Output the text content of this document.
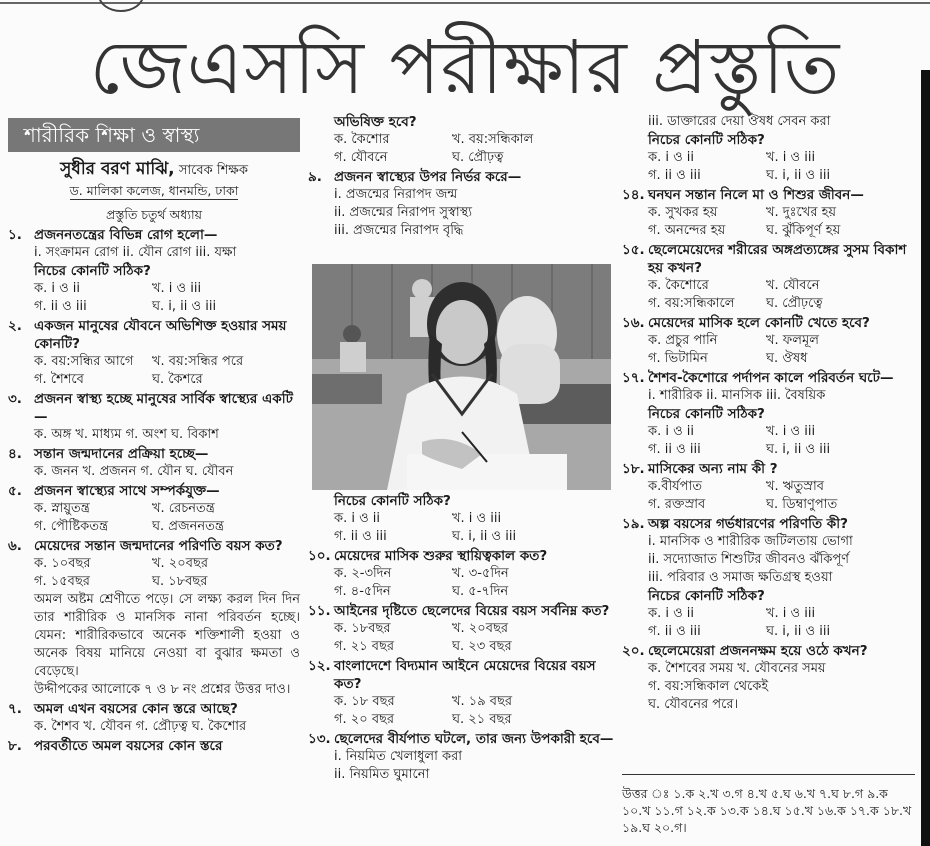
জেএসসি পরীক্ষার প্রস্তুতি
শারীরিক শিক্ষা ও স্বাস্থ্য
সুধীর বরণ মাঝি, সাবেক শিক্ষক
ড. মালিকা কলেজ, ধানমন্ডি, ঢাকা
প্রস্তুতি চতুর্থ অধ্যায়
১. প্রজননতন্ত্রের বিভিন্ন রোগ হলো—
i. সংক্রামন রোগ ii. যৌন রোগ iii. যক্ষা
নিচের কোনটি সঠিক?
ক. i ও ii	খ. i ও iii
গ. ii ও iii	ঘ. i, ii ও iii
২. একজন মানুষের যৌবনে অভিশিক্ত হওয়ার সময় কোনটি?
ক. বয়:সন্ধির আগে	খ. বয়:সন্ধির পরে
গ. শৈশবে	ঘ. কৈশরে
৩. প্রজনন স্বাস্থ্য হচ্ছে মানুষের সার্বিক স্বাস্থ্যের একটি—
ক. অঙ্গ খ. মাধ্যম গ. অংশ ঘ. বিকাশ
৪. সন্তান জন্মদানের প্রক্রিয়া হচ্ছে—
ক. জনন খ. প্রজনন গ. যৌন ঘ. যৌবন
৫. প্রজনন স্বাস্থ্যের সাথে সম্পর্কযুক্ত—
ক. স্নায়ুতন্ত্র	খ. রেচনতন্ত্র
গ. পৌষ্টিকতন্ত্র	ঘ. প্রজননতন্ত্র
৬. মেয়েদের সন্তান জন্মদানের পরিণতি বয়স কত?
ক. ১০বছর	খ. ২০বছর
গ. ১৫বছর	ঘ. ১৮বছর
অমল অষ্টম শ্রেণীতে পড়ে। সে লক্ষ্য করল দিন দিন তার শারীরিক ও মানসিক নানা পরিবর্তন হচ্ছে। যেমন: শারীরিকভাবে অনেক শক্তিশালী হওয়া ও অনেক বিষয় মানিয়ে নেওয়া বা বুঝার ক্ষমতা ও বেড়েছে।
উদ্দীপকের আলোকে ৭ ও ৮ নং প্রশ্নের উত্তর দাও।
৭. অমল এখন বয়সের কোন স্তরে আছে?
ক. শৈশব খ. যৌবন গ. প্রৌঢ়ত্ব ঘ. কৈশোর
৮. পরবর্তীতে অমল বয়সের কোন স্তরে
অভিষিক্ত হবে?
ক. কৈশোর	খ. বয়:সন্ধিকাল
গ. যৌবনে	ঘ. প্রৌঢ়ত্ব
৯. প্রজনন স্বাস্থ্যের উপর নির্ভর করে—
i. প্রজন্মের নিরাপদ জন্ম
ii. প্রজন্মের নিরাপদ সুস্বাস্থ্য
iii. প্রজন্মের নিরাপদ বৃদ্ধি
নিচের কোনটি সঠিক?
ক. i ও ii	খ. i ও iii
গ. ii ও iii	ঘ. i, ii ও iii
১০. মেয়েদের মাসিক শুরুর স্থায়িত্বকাল কত?
ক. ২-৩দিন	খ. ৩-৫দিন
গ. ৪-৫দিন	ঘ. ৫-৭দিন
১১. আইনের দৃষ্টিতে ছেলেদের বিয়ের বয়স সর্বনিম্ন কত?
ক. ১৮বছর	খ. ২০বছর
গ. ২১ বছর	ঘ. ২৩ বছর
১২. বাংলাদেশে বিদ্যমান আইনে মেয়েদের বিয়ের বয়স কত?
ক. ১৮ বছর	খ. ১৯ বছর
গ. ২০ বছর	ঘ. ২১ বছর
১৩. ছেলেদের বীর্যপাত ঘটলে, তার জন্য উপকারী হবে—
i. নিয়মিত খেলাধুলা করা
ii. নিয়মিত ঘুমানো
iii. ডাক্তারের দেয়া ঔষধ সেবন করা
নিচের কোনটি সঠিক?
ক. i ও ii	খ. i ও iii
গ. ii ও iii	ঘ. i, ii ও iii
১৪. ঘনঘন সন্তান নিলে মা ও শিশুর জীবন—
ক. সুখকর হয়	খ. দুঃখের হয়
গ. অনন্দের হয়	ঘ. ঝুঁকিপূর্ণ হয়
১৫. ছেলেমেয়েদের শরীরের অঙ্গপ্রত্যঙ্গের সুসম বিকাশ হয় কখন?
ক. কৈশোরে	খ. যৌবনে
গ. বয়:সন্ধিকালে	ঘ. প্রৌঢ়ত্বে
১৬. মেয়েদের মাসিক হলে কোনটি খেতে হবে?
ক. প্রচুর পানি	খ. ফলমূল
গ. ভিটামিন	ঘ. ঔষধ
১৭. শৈশব-কৈশোরে পর্দাপন কালে পরিবর্তন ঘটে—
i. শারীরিক ii. মানসিক iii. বৈষয়িক
নিচের কোনটি সঠিক?
ক. i ও ii	খ. i ও iii
গ. ii ও iii	ঘ. i, ii ও iii
১৮. মাসিকের অন্য নাম কী ?
ক.বীর্যপাত	খ. ঋতুস্রাব
গ. রক্তস্রাব	ঘ. ডিম্বাণুপাত
১৯. অল্প বয়সের গর্ভধারণের পরিণতি কী?
i. মানসিক ও শারীরিক জটিলতায় ভোগা
ii. সদ্যোজাত শিশুটির জীবনও ঝঁকিপূর্ণ
iii. পরিবার ও সমাজ ক্ষতিগ্রস্থ হওয়া
নিচের কোনটি সঠিক?
ক. i ও ii	খ. i ও iii
গ. ii ও iii	ঘ. i, ii ও iii
২০. ছেলেমেয়েরা প্রজননক্ষম হয়ে ওঠে কখন?
ক. শৈশবের সময় খ. যৌবনের সময়
গ. বয়:সন্ধিকাল থেকেই
ঘ. যৌবনের পরে।
উত্তর ঃ ১.ক ২.খ ৩.গ ৪.খ ৫.ঘ ৬.খ ৭.ঘ ৮.গ ৯.ক ১০.খ ১১.গ ১২.ক ১৩.ক ১৪.ঘ ১৫.খ ১৬.ক ১৭.ক ১৮.খ ১৯.ঘ ২০.গ।
